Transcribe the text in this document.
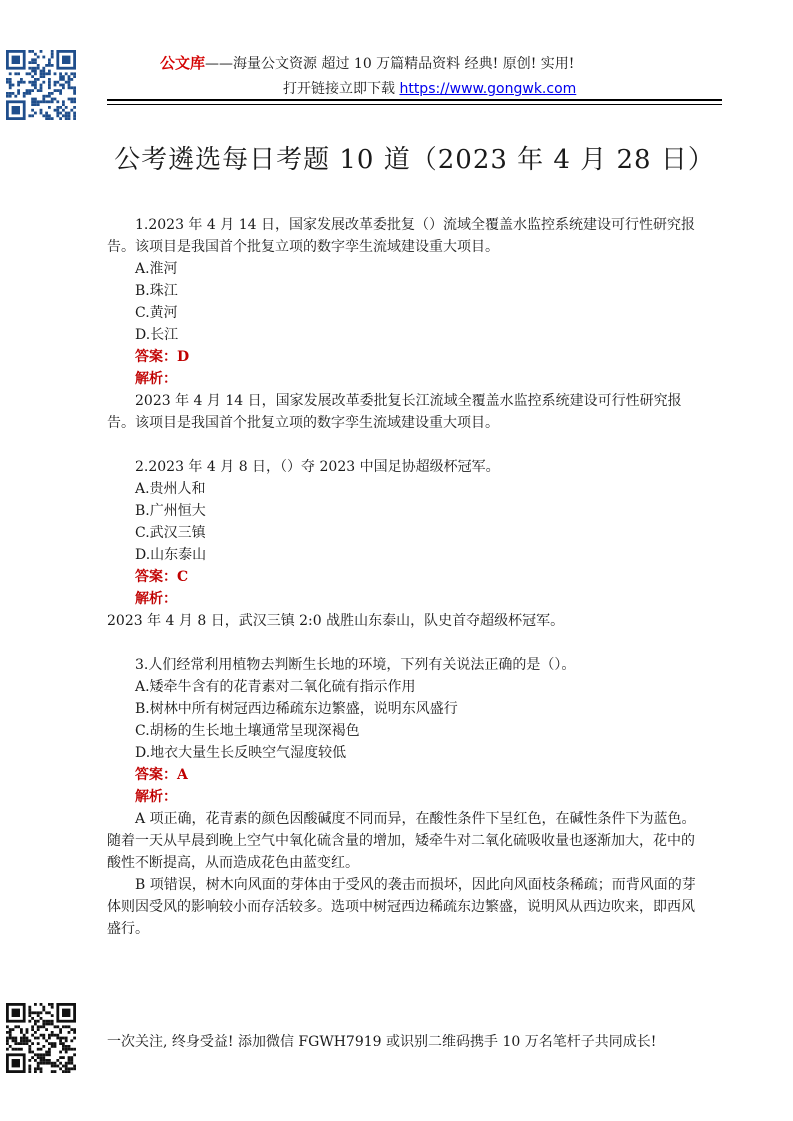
公文库——海量公文资源 超过 10 万篇精品资料 经典! 原创! 实用!
打开链接立即下载 https://www.gongwk.com
公考遴选每日考题 10 道（2023 年 4 月 28 日）

1.2023 年 4 月 14 日，国家发展改革委批复（）流域全覆盖水监控系统建设可行性研究报告。该项目是我国首个批复立项的数字孪生流域建设重大项目。

A.淮河

B.珠江

C.黄河

D.长江

答案：D

解析：

2023 年 4 月 14 日，国家发展改革委批复长江流域全覆盖水监控系统建设可行性研究报告。该项目是我国首个批复立项的数字孪生流域建设重大项目。

2.2023 年 4 月 8 日，（）夺 2023 中国足协超级杯冠军。

A.贵州人和

B.广州恒大

C.武汉三镇

D.山东泰山

答案：C

解析：

2023 年 4 月 8 日，武汉三镇 2:0 战胜山东泰山，队史首夺超级杯冠军。

3.人们经常利用植物去判断生长地的环境，下列有关说法正确的是（）。

A.矮牵牛含有的花青素对二氧化硫有指示作用

B.树林中所有树冠西边稀疏东边繁盛，说明东风盛行

C.胡杨的生长地土壤通常呈现深褐色

D.地衣大量生长反映空气湿度较低

答案：A

解析：

A 项正确，花青素的颜色因酸碱度不同而异，在酸性条件下呈红色，在碱性条件下为蓝色。随着一天从早晨到晚上空气中氧化硫含量的增加，矮牵牛对二氧化硫吸收量也逐渐加大，花中的酸性不断提高，从而造成花色由蓝变红。

B 项错误，树木向风面的芽体由于受风的袭击而损坏，因此向风面枝条稀疏；而背风面的芽体则因受风的影响较小而存活较多。选项中树冠西边稀疏东边繁盛，说明风从西边吹来，即西风盛行。

一次关注, 终身受益! 添加微信 FGWH7919 或识别二维码携手 10 万名笔杆子共同成长!
